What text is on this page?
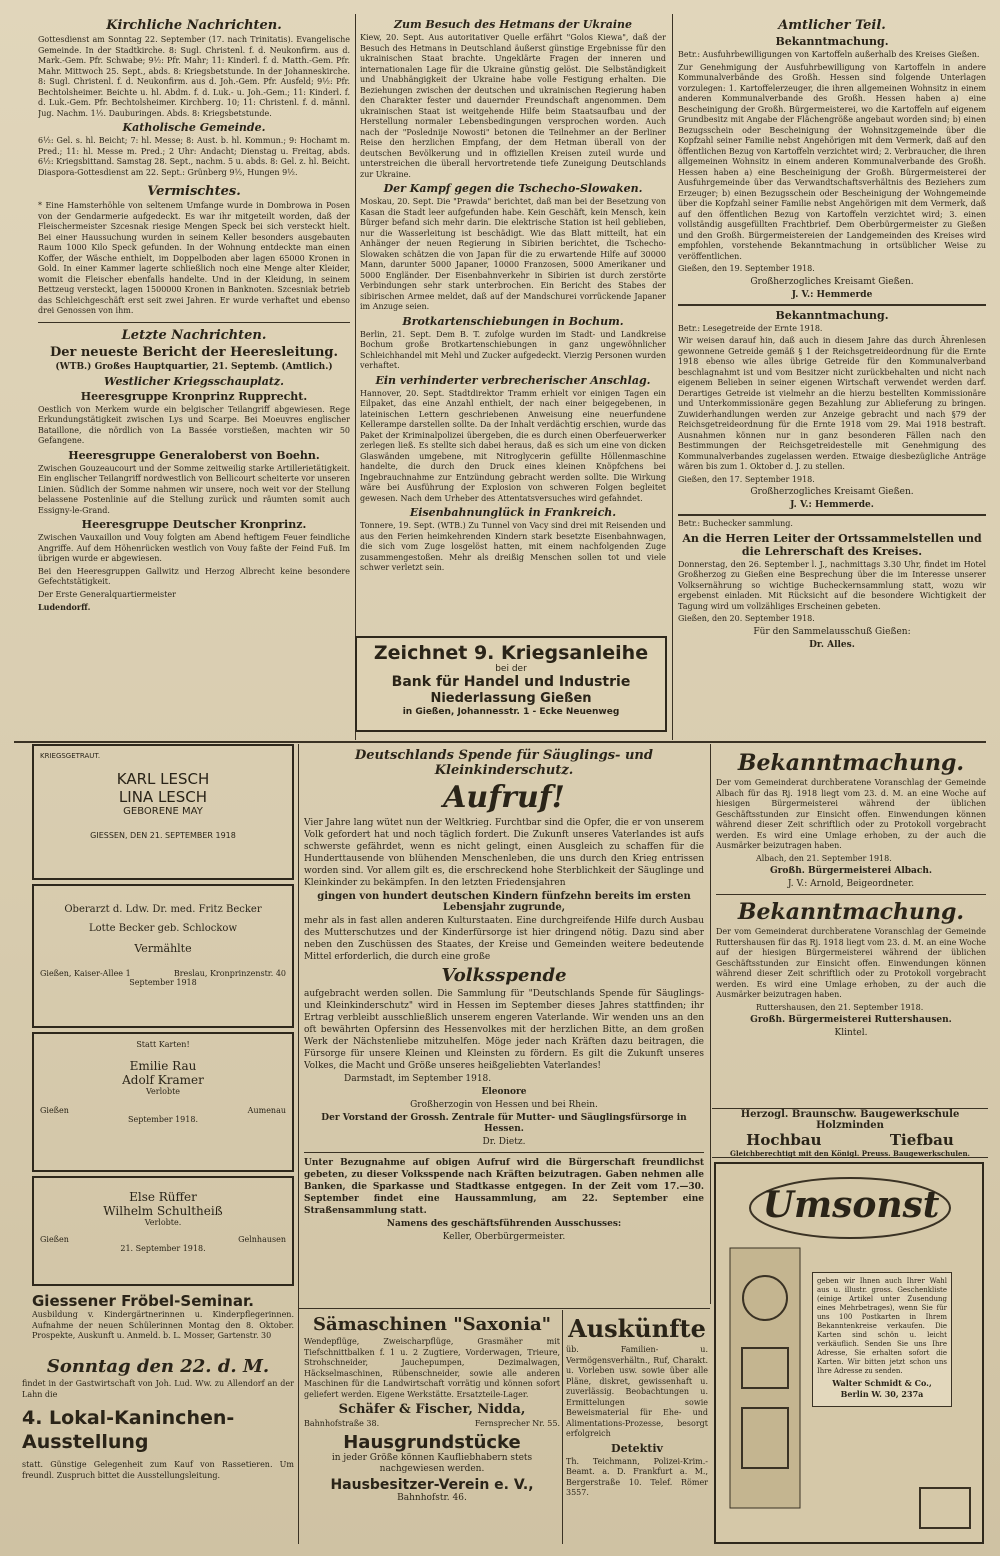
Kirchliche Nachrichten.

Gottesdienst am Sonntag 22. September (17. nach Trinitatis). Evangelische Gemeinde. In der Stadtkirche. 8: Sugl. Christenl. f. d. Neukonfirm. aus d. Mark.-Gem. Pfr. Schwabe; 9½: Pfr. Mahr; 11: Kinderl. f. d. Matth.-Gem. Pfr. Mahr. Mittwoch 25. Sept., abds. 8: Kriegsbetstunde. In der Johanneskirche. 8: Sugl. Christenl. f. d. Neukonfirm. aus d. Joh.-Gem. Pfr. Ausfeld; 9½: Pfr. Bechtolsheimer. Beichte u. hl. Abdm. f. d. Luk.- u. Joh.-Gem.; 11: Kinderl. f. d. Luk.-Gem. Pfr. Bechtolsheimer. Kirchberg. 10; 11: Christenl. f. d. männl. Jug. Nachm. 1½. Dauburingen. Abds. 8: Kriegsbetstunde.

Katholische Gemeinde.

6½: Gel. s. hl. Beicht; 7: hl. Messe; 8: Aust. b. hl. Kommun.; 9: Hochamt m. Pred.; 11: hl. Messe m. Pred.; 2 Uhr: Andacht; Dienstag u. Freitag, abds. 6½: Kriegsbittand. Samstag 28. Sept., nachm. 5 u. abds. 8: Gel. z. hl. Beicht. Diaspora-Gottesdienst am 22. Sept.: Grünberg 9½, Hungen 9½.

Vermischtes.

* Eine Hamsterhöhle von seltenem Umfange wurde in Dombrowa in Posen von der Gendarmerie aufgedeckt. Es war ihr mitgeteilt worden, daß der Fleischermeister Szcesnak riesige Mengen Speck bei sich versteckt hielt. Bei einer Haussuchung wurden in seinem Keller besonders ausgebauten Raum 1000 Kilo Speck gefunden. In der Wohnung entdeckte man einen Koffer, der Wäsche enthielt, im Doppelboden aber lagen 65000 Kronen in Gold. In einer Kammer lagerte schließlich noch eine Menge alter Kleider, womit die Fleischer ebenfalls handelte. Und in der Kleidung, in seinem Bettzeug versteckt, lagen 1500000 Kronen in Banknoten. Szcesniak betrieb das Schleichgeschäft erst seit zwei Jahren. Er wurde verhaftet und ebenso drei Genossen von ihm.

Letzte Nachrichten.
Der neueste Bericht der Heeresleitung.

(WTB.) Großes Hauptquartier, 21. Septemb. (Amtlich.)

Westlicher Kriegsschauplatz.
Heeresgruppe Kronprinz Rupprecht.

Oestlich von Merkem wurde ein belgischer Teilangriff abgewiesen. Rege Erkundungstätigkeit zwischen Lys und Scarpe. Bei Moeuvres englischer Bataillone, die nördlich von La Bassée vorstießen, machten wir 50 Gefangene.

Heeresgruppe Generaloberst von Boehn.

Zwischen Gouzeaucourt und der Somme zeitweilig starke Artillerietätigkeit. Ein englischer Teilangriff nordwestlich von Bellicourt scheiterte vor unseren Linien. Südlich der Somme nahmen wir unsere, noch weit vor der Stellung belassene Postenlinie auf die Stellung zurück und räumten somit auch Essigny-le-Grand.

Heeresgruppe Deutscher Kronprinz.

Zwischen Vauxaillon und Vouy folgten am Abend heftigem Feuer feindliche Angriffe. Auf dem Höhenrücken westlich von Vouy faßte der Feind Fuß. Im übrigen wurde er abgewiesen.

Bei den Heeresgruppen Gallwitz und Herzog Albrecht keine besondere Gefechtstätigkeit.

Der Erste Generalquartiermeister

Ludendorff.

Zum Besuch des Hetmans der Ukraine

Kiew, 20. Sept. Aus autoritativer Quelle erfährt "Golos Kiewa", daß der Besuch des Hetmans in Deutschland äußerst günstige Ergebnisse für den ukrainischen Staat brachte. Ungeklärte Fragen der inneren und internationalen Lage für die Ukraine günstig gelöst. Die Selbständigkeit und Unabhängigkeit der Ukraine habe volle Festigung erhalten. Die Beziehungen zwischen der deutschen und ukrainischen Regierung haben den Charakter fester und dauernder Freundschaft angenommen. Dem ukrainischen Staat ist weitgehende Hilfe beim Staatsaufbau und der Herstellung normaler Lebensbedingungen versprochen worden. Auch nach der "Poslednije Nowosti" betonen die Teilnehmer an der Berliner Reise den herzlichen Empfang, der dem Hetman überall von der deutschen Bevölkerung und in offiziellen Kreisen zuteil wurde und unterstreichen die überall hervortretende tiefe Zuneigung Deutschlands zur Ukraine.

Der Kampf gegen die Tschecho-Slowaken.

Moskau, 20. Sept. Die "Prawda" berichtet, daß man bei der Besetzung von Kasan die Stadt leer aufgefunden habe. Kein Geschäft, kein Mensch, kein Bürger befand sich mehr darin. Die elektrische Station ist heil geblieben, nur die Wasserleitung ist beschädigt. Wie das Blatt mitteilt, hat ein Anhänger der neuen Regierung in Sibirien berichtet, die Tschecho-Slowaken schätzen die von Japan für die zu erwartende Hilfe auf 30000 Mann, darunter 5000 Japaner, 10000 Franzosen, 5000 Amerikaner und 5000 Engländer. Der Eisenbahnverkehr in Sibirien ist durch zerstörte Verbindungen sehr stark unterbrochen. Ein Bericht des Stabes der sibirischen Armee meldet, daß auf der Mandschurei vorrückende Japaner im Anzuge seien.

Brotkartenschiebungen in Bochum.

Berlin, 21. Sept. Dem B. T. zufolge wurden im Stadt- und Landkreise Bochum große Brotkartenschiebungen in ganz ungewöhnlicher Schleichhandel mit Mehl und Zucker aufgedeckt. Vierzig Personen wurden verhaftet.

Ein verhinderter verbrecherischer Anschlag.

Hannover, 20. Sept. Stadtdirektor Tramm erhielt vor einigen Tagen ein Eilpaket, das eine Anzahl enthielt, der nach einer beigegebenen, in lateinischen Lettern geschriebenen Anweisung eine neuerfundene Kellerampe darstellen sollte. Da der Inhalt verdächtig erschien, wurde das Paket der Kriminalpolizei übergeben, die es durch einen Oberfeuerwerker zerlegen ließ. Es stellte sich dabei heraus, daß es sich um eine von dicken Glaswänden umgebene, mit Nitroglycerin gefüllte Höllenmaschine handelte, die durch den Druck eines kleinen Knöpfchens bei Ingebrauchnahme zur Entzündung gebracht werden sollte. Die Wirkung wäre bei Ausführung der Explosion von schweren Folgen begleitet gewesen. Nach dem Urheber des Attentatsversuches wird gefahndet.

Eisenbahnunglück in Frankreich.

Tonnere, 19. Sept. (WTB.) Zu Tunnel von Vacy sind drei mit Reisenden und aus den Ferien heimkehrenden Kindern stark besetzte Eisenbahnwagen, die sich vom Zuge losgelöst hatten, mit einem nachfolgenden Zuge zusammengestoßen. Mehr als dreißig Menschen sollen tot und viele schwer verletzt sein.

Zeichnet 9. Kriegsanleihe
bei der
Bank für Handel und Industrie
Niederlassung Gießen
in Gießen, Johannesstr. 1 - Ecke Neuenweg
Amtlicher Teil.
Bekanntmachung.

Betr.: Ausfuhrbewilligungen von Kartoffeln außerhalb des Kreises Gießen.

Zur Genehmigung der Ausfuhrbewilligung von Kartoffeln in andere Kommunalverbände des Großh. Hessen sind folgende Unterlagen vorzulegen: 1. Kartoffelerzeuger, die ihren allgemeinen Wohnsitz in einem anderen Kommunalverbande des Großh. Hessen haben a) eine Bescheinigung der Großh. Bürgermeisterei, wo die Kartoffeln auf eigenem Grundbesitz mit Angabe der Flächengröße angebaut worden sind; b) einen Bezugsschein oder Bescheinigung der Wohnsitzgemeinde über die Kopfzahl seiner Familie nebst Angehörigen mit dem Vermerk, daß auf den öffentlichen Bezug von Kartoffeln verzichtet wird; 2. Verbraucher, die ihren allgemeinen Wohnsitz in einem anderen Kommunalverbande des Großh. Hessen haben a) eine Bescheinigung der Großh. Bürgermeisterei der Ausfuhrgemeinde über das Verwandtschaftsverhältnis des Beziehers zum Erzeuger; b) einen Bezugsschein oder Bescheinigung der Wohngemeinde über die Kopfzahl seiner Familie nebst Angehörigen mit dem Vermerk, daß auf den öffentlichen Bezug von Kartoffeln verzichtet wird; 3. einen vollständig ausgefüllten Frachtbrief. Dem Oberbürgermeister zu Gießen und den Großh. Bürgermeistereien der Landgemeinden des Kreises wird empfohlen, vorstehende Bekanntmachung in ortsüblicher Weise zu veröffentlichen.

Gießen, den 19. September 1918.

Großherzogliches Kreisamt Gießen.

J. V.: Hemmerde

Bekanntmachung.

Betr.: Lesegetreide der Ernte 1918.

Wir weisen darauf hin, daß auch in diesem Jahre das durch Ährenlesen gewonnene Getreide gemäß § 1 der Reichsgetreideordnung für die Ernte 1918 ebenso wie alles übrige Getreide für den Kommunalverband beschlagnahmt ist und vom Besitzer nicht zurückbehalten und nicht nach eigenem Belieben in seiner eigenen Wirtschaft verwendet werden darf. Derartiges Getreide ist vielmehr an die hierzu bestellten Kommissionäre und Unterkommissionäre gegen Bezahlung zur Ablieferung zu bringen. Zuwiderhandlungen werden zur Anzeige gebracht und nach §79 der Reichsgetreideordnung für die Ernte 1918 vom 29. Mai 1918 bestraft. Ausnahmen können nur in ganz besonderen Fällen nach den Bestimmungen der Reichsgetreidestelle mit Genehmigung des Kommunalverbandes zugelassen werden. Etwaige diesbezügliche Anträge wären bis zum 1. Oktober d. J. zu stellen.

Gießen, den 17. September 1918.

Großherzogliches Kreisamt Gießen.

J. V.: Hemmerde.

Betr.: Buchecker sammlung.

An die Herren Leiter der Ortssammelstellen und die Lehrerschaft des Kreises.

Donnerstag, den 26. September l. J., nachmittags 3.30 Uhr, findet im Hotel Großherzog zu Gießen eine Besprechung über die im Interesse unserer Volksernährung so wichtige Bucheckernsammlung statt, wozu wir ergebenst einladen. Mit Rücksicht auf die besondere Wichtigkeit der Tagung wird um vollzähliges Erscheinen gebeten.

Gießen, den 20. September 1918.

Für den Sammelausschuß Gießen:

Dr. Alles.

KRIEGSGETRAUT.
KARL LESCH
LINA LESCH
GEBORENE MAY
GIESSEN, DEN 21. SEPTEMBER 1918
Oberarzt d. Ldw. Dr. med. Fritz Becker
Lotte Becker geb. Schlockow
Vermählte
Gießen, Kaiser-Allee 1	Breslau, Kronprinzenstr. 40
September 1918
Statt Karten!
Emilie Rau
Adolf Kramer
Verlobte
Gießen	Aumenau
September 1918.
Else Rüffer
Wilhelm Schultheiß
Verlobte.
Gießen	Gelnhausen
21. September 1918.
Giessener Fröbel-Seminar.

Ausbildung v. Kindergärtnerinnen u. Kinderpflegerinnen. Aufnahme der neuen Schülerinnen Montag den 8. Oktober. Prospekte, Auskunft u. Anmeld. b. L. Mosser, Gartenstr. 30

Sonntag den 22. d. M.

findet in der Gastwirtschaft von Joh. Lud. Ww. zu Allendorf an der Lahn die

4. Lokal-Kaninchen-Ausstellung

statt. Günstige Gelegenheit zum Kauf von Rassetieren. Um freundl. Zuspruch bittet die Ausstellungsleitung.

Deutschlands Spende für Säuglings- und Kleinkinderschutz.
Aufruf!

Vier Jahre lang wütet nun der Weltkrieg. Furchtbar sind die Opfer, die er von unserem Volk gefordert hat und noch täglich fordert. Die Zukunft unseres Vaterlandes ist aufs schwerste gefährdet, wenn es nicht gelingt, einen Ausgleich zu schaffen für die Hunderttausende von blühenden Menschenleben, die uns durch den Krieg entrissen worden sind. Vor allem gilt es, die erschreckend hohe Sterblichkeit der Säuglinge und Kleinkinder zu bekämpfen. In den letzten Friedensjahren

gingen von hundert deutschen Kindern fünfzehn bereits im ersten Lebensjahr zugrunde,

mehr als in fast allen anderen Kulturstaaten. Eine durchgreifende Hilfe durch Ausbau des Mutterschutzes und der Kinderfürsorge ist hier dringend nötig. Dazu sind aber neben den Zuschüssen des Staates, der Kreise und Gemeinden weitere bedeutende Mittel erforderlich, die durch eine große

Volksspende

aufgebracht werden sollen. Die Sammlung für "Deutschlands Spende für Säuglings- und Kleinkinderschutz" wird in Hessen im September dieses Jahres stattfinden; ihr Ertrag verbleibt ausschließlich unserem engeren Vaterlande. Wir wenden uns an den oft bewährten Opfersinn des Hessenvolkes mit der herzlichen Bitte, an dem großen Werk der Nächstenliebe mitzuhelfen. Möge jeder nach Kräften dazu beitragen, die Fürsorge für unsere Kleinen und Kleinsten zu fördern. Es gilt die Zukunft unseres Volkes, die Macht und Größe unseres heißgeliebten Vaterlandes!

Darmstadt, im September 1918.

Eleonore

Großherzogin von Hessen und bei Rhein.

Der Vorstand der Grossh. Zentrale für Mutter- und Säuglingsfürsorge in Hessen.

Dr. Dietz.

Unter Bezugnahme auf obigen Aufruf wird die Bürgerschaft freundlichst gebeten, zu dieser Volksspende nach Kräften beizutragen. Gaben nehmen alle Banken, die Sparkasse und Stadtkasse entgegen. In der Zeit vom 17.—30. September findet eine Haussammlung, am 22. September eine Straßensammlung statt.

Namens des geschäftsführenden Ausschusses:

Keller, Oberbürgermeister.

Sämaschinen "Saxonia"

Wendepflüge, Zweischarpflüge, Grasmäher mit Tiefschnittbalken f. 1 u. 2 Zugtiere, Vorderwagen, Trieure, Strohschneider, Jauchepumpen, Dezimalwagen, Häckselmaschinen, Rübenschneider, sowie alle anderen Maschinen für die Landwirtschaft vorrätig und können sofort geliefert werden. Eigene Werkstätte. Ersatzteile-Lager.

Schäfer & Fischer, Nidda,
Bahnhofstraße 38.	Fernsprecher Nr. 55.
Hausgrundstücke

in jeder Größe können Kaufliebhabern stets nachgewiesen werden.

Hausbesitzer-Verein e. V.,

Bahnhofstr. 46.

Auskünfte

üb. Familien- u. Vermögensverhältn., Ruf, Charakt. u. Vorleben usw. sowie über alle Pläne, diskret, gewissenhaft u. zuverlässig. Beobachtungen u. Ermittelungen sowie Beweismaterial für Ehe- und Alimentations-Prozesse, besorgt erfolgreich

Detektiv

Th. Teichmann, Polizei-Krim.-Beamt. a. D. Frankfurt a. M., Bergerstraße 10. Telef. Römer 3557.

Bekanntmachung.

Der vom Gemeinderat durchberatene Voranschlag der Gemeinde Albach für das Rj. 1918 liegt vom 23. d. M. an eine Woche auf hiesigen Bürgermeisterei während der üblichen Geschäftsstunden zur Einsicht offen. Einwendungen können während dieser Zeit schriftlich oder zu Protokoll vorgebracht werden. Es wird eine Umlage erhoben, zu der auch die Ausmärker beizutragen haben.

Albach, den 21. September 1918.

Großh. Bürgermeisterei Albach.

J. V.: Arnold, Beigeordneter.

Bekanntmachung.

Der vom Gemeinderat durchberatene Voranschlag der Gemeinde Ruttershausen für das Rj. 1918 liegt vom 23. d. M. an eine Woche auf der hiesigen Bürgermeisterei während der üblichen Geschäftsstunden zur Einsicht offen. Einwendungen können während dieser Zeit schriftlich oder zu Protokoll vorgebracht werden. Es wird eine Umlage erhoben, zu der auch die Ausmärker beizutragen haben.

Ruttershausen, den 21. September 1918.

Großh. Bürgermeisterei Ruttershausen.

Klintel.

Herzogl. Braunschw. Baugewerkschule Holzminden
Hochbau	Tiefbau
Gleichberechtigt mit den Königl. Preuss. Baugewerkschulen.
Umsonst

geben wir Ihnen auch Ihrer Wahl aus u. illustr. gross. Geschenkliste (einige Artikel unter Zusendung eines Mehrbetrages), wenn Sie für uns 100 Postkarten in Ihrem Bekanntenkreise verkaufen. Die Karten sind schön u. leicht verkäuflich. Senden Sie uns Ihre Adresse, Sie erhalten sofort die Karten. Wir bitten jetzt schon uns Ihre Adresse zu senden.

Walter Schmidt & Co., Berlin W. 30, 237a
